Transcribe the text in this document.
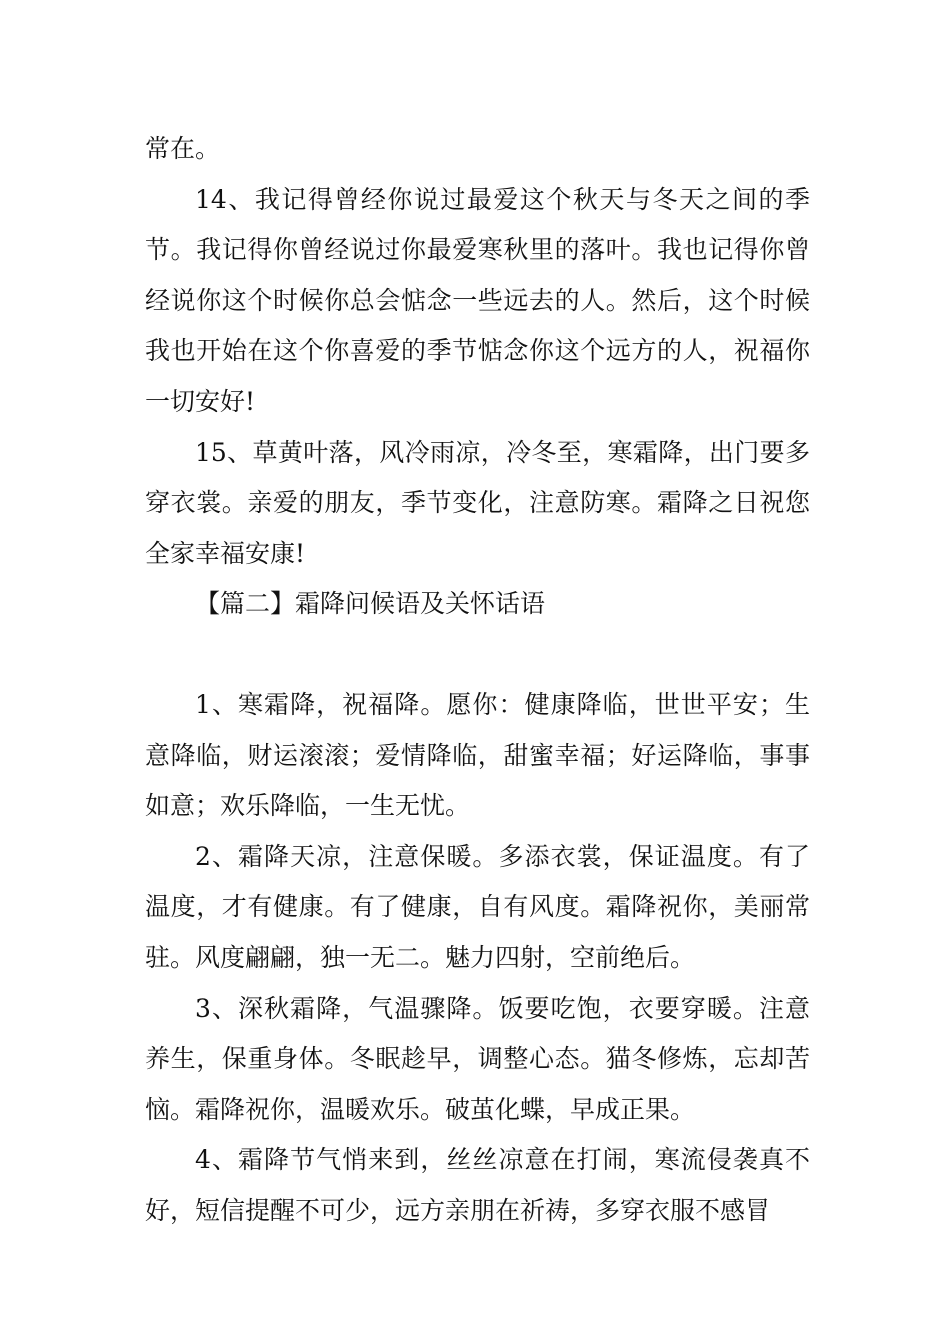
常在。

14、我记得曾经你说过最爱这个秋天与冬天之间的季节。我记得你曾经说过你最爱寒秋里的落叶。我也记得你曾经说你这个时候你总会惦念一些远去的人。然后，这个时候我也开始在这个你喜爱的季节惦念你这个远方的人，祝福你一切安好!

15、草黄叶落，风冷雨凉，冷冬至，寒霜降，出门要多穿衣裳。亲爱的朋友，季节变化，注意防寒。霜降之日祝您全家幸福安康!

【篇二】霜降问候语及关怀话语

1、寒霜降，祝福降。愿你：健康降临，世世平安；生意降临，财运滚滚；爱情降临，甜蜜幸福；好运降临，事事如意；欢乐降临，一生无忧。

2、霜降天凉，注意保暖。多添衣裳，保证温度。有了温度，才有健康。有了健康，自有风度。霜降祝你，美丽常驻。风度翩翩，独一无二。魅力四射，空前绝后。

3、深秋霜降，气温骤降。饭要吃饱，衣要穿暖。注意养生，保重身体。冬眠趁早，调整心态。猫冬修炼，忘却苦恼。霜降祝你，温暖欢乐。破茧化蝶，早成正果。

4、霜降节气悄来到，丝丝凉意在打闹，寒流侵袭真不好，短信提醒不可少，远方亲朋在祈祷，多穿衣服不感冒
